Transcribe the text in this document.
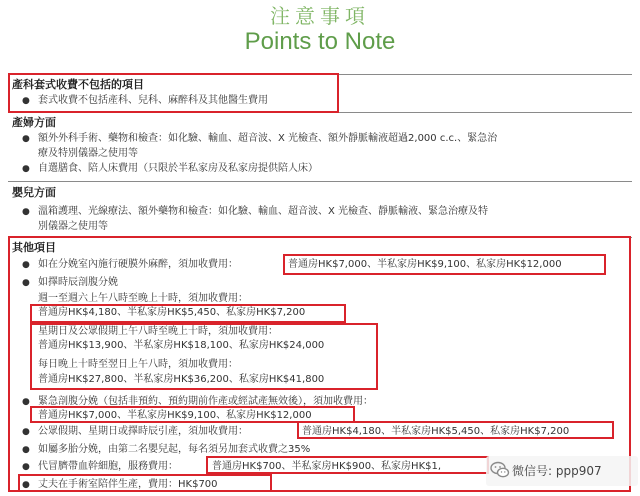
注意事項
Points to Note
產科套式收費不包括的項目
● 套式收費不包括產科、兒科、麻醉科及其他醫生費用
產婦方面
● 額外外科手術、藥物和檢查：如化驗、輸血、超音波、X 光檢查、額外靜脈輸液超過2,000 c.c.、緊急治
療及特別儀器之使用等
● 自選膳食、陪人床費用（只限於半私家房及私家房提供陪人床）
嬰兒方面
● 溫箱護理、光線療法、額外藥物和檢查：如化驗、輸血、超音波、X 光檢查、靜脈輸液、緊急治療及特
別儀器之使用等
其他項目
● 如在分娩室內施行硬膜外麻醉，須加收費用：	普通房HK$7,000、半私家房HK$9,100、私家房HK$12,000
● 如擇時辰剖腹分娩
週一至週六上午八時至晚上十時，須加收費用：
普通房HK$4,180、半私家房HK$5,450、私家房HK$7,200
星期日及公眾假期上午八時至晚上十時，須加收費用：
普通房HK$13,900、半私家房HK$18,100、私家房HK$24,000
每日晚上十時至翌日上午八時，須加收費用：
普通房HK$27,800、半私家房HK$36,200、私家房HK$41,800
● 緊急剖腹分娩（包括非預約、預約期前作產或經試產無效後），須加收費用：
普通房HK$7,000、半私家房HK$9,100、私家房HK$12,000
● 公眾假期、星期日或擇時辰引產，須加收費用：	普通房HK$4,180、半私家房HK$5,450、私家房HK$7,200
● 如屬多胎分娩，由第二名嬰兒起，每名須另加套式收費之35%
● 代冒臍帶血幹細胞，服務費用：	普通房HK$700、半私家房HK$900、私家房HK$1,
● 丈夫在手術室陪伴生產，費用：HK$700
微信号: ppp907
